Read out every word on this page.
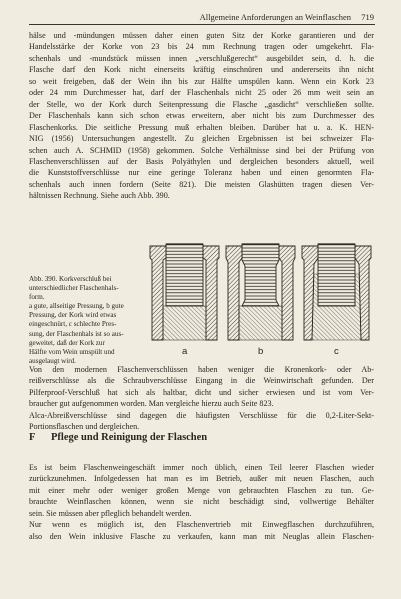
Allgemeine Anforderungen an Weinflaschen 719
hälse und -mündungen müssen daher einen guten Sitz der Korke garantieren und der
Handelsstärke der Korke von 23 bis 24 mm Rechnung tragen oder umgekehrt. Fla-
schenhals und -mundstück müssen innen „verschlußgerecht“ ausgebildet sein, d. h. die
Flasche darf den Kork nicht einerseits kräftig einschnüren und andererseits ihn nicht
so weit freigeben, daß der Wein ihn bis zur Hälfte umspülen kann. Wenn ein Kork 23
oder 24 mm Durchmesser hat, darf der Flaschenhals nicht 25 oder 26 mm weit sein an
der Stelle, wo der Kork durch Seitenpressung die Flasche „gasdicht“ verschließen sollte.
Der Flaschenhals kann sich schon etwas erweitern, aber nicht bis zum Durchmesser des
Flaschenkorks. Die seitliche Pressung muß erhalten bleiben. Darüber hat u. a. K. HEN-
NIG (1956) Untersuchungen angestellt. Zu gleichen Ergebnissen ist bei schweizer Fla-
schen auch A. SCHMID (1958) gekommen. Solche Verhältnisse sind bei der Prüfung von
Flaschenverschlüssen auf der Basis Polyäthylen und dergleichen besonders aktuell, weil
die Kunststoffverschlüsse nur eine geringe Toleranz haben und einen genormten Fla-
schenhals auch innen fordern (Seite 821). Die meisten Glashütten tragen diesen Ver-
hältnissen Rechnung. Siehe auch Abb. 390.
Abb. 390. Korkverschluß bei
unterschiedlicher Flaschenhals-
form.
a gute, allseitige Pressung, b gute
Pressung, der Kork wird etwas
eingeschnürt, c schlechte Pres-
sung, der Flaschenhals ist so aus-
geweitet, daß der Kork zur
Hälfte vom Wein umspült und
ausgelaugt wird.
a	b	c
Von den modernen Flaschenverschlüssen haben weniger die Kronenkork- oder Ab-
reißverschlüsse als die Schraubverschlüsse Eingang in die Weinwirtschaft gefunden. Der
Pilferproof-Verschluß hat sich als haltbar, dicht und sicher erwiesen und ist vom Ver-
braucher gut aufgenommen worden. Man vergleiche hierzu auch Seite 823.
Alca-Abreißverschlüsse sind dagegen die häufigsten Verschlüsse für die 0,2-Liter-Sekt-
Portionsflaschen und dergleichen.
F Pflege und Reinigung der Flaschen
Es ist beim Flaschenweingeschäft immer noch üblich, einen Teil leerer Flaschen wieder
zurückzunehmen. Infolgedessen hat man es im Betrieb, außer mit neuen Flaschen, auch
mit einer mehr oder weniger großen Menge von gebrauchten Flaschen zu tun. Ge-
brauchte Weinflaschen können, wenn sie nicht beschädigt sind, vollwertige Behälter
sein. Sie müssen aber pfleglich behandelt werden.
Nur wenn es möglich ist, den Flaschenvertrieb mit Einwegflaschen durchzuführen,
also den Wein inklusive Flasche zu verkaufen, kann man mit Neuglas allein Flaschen-
